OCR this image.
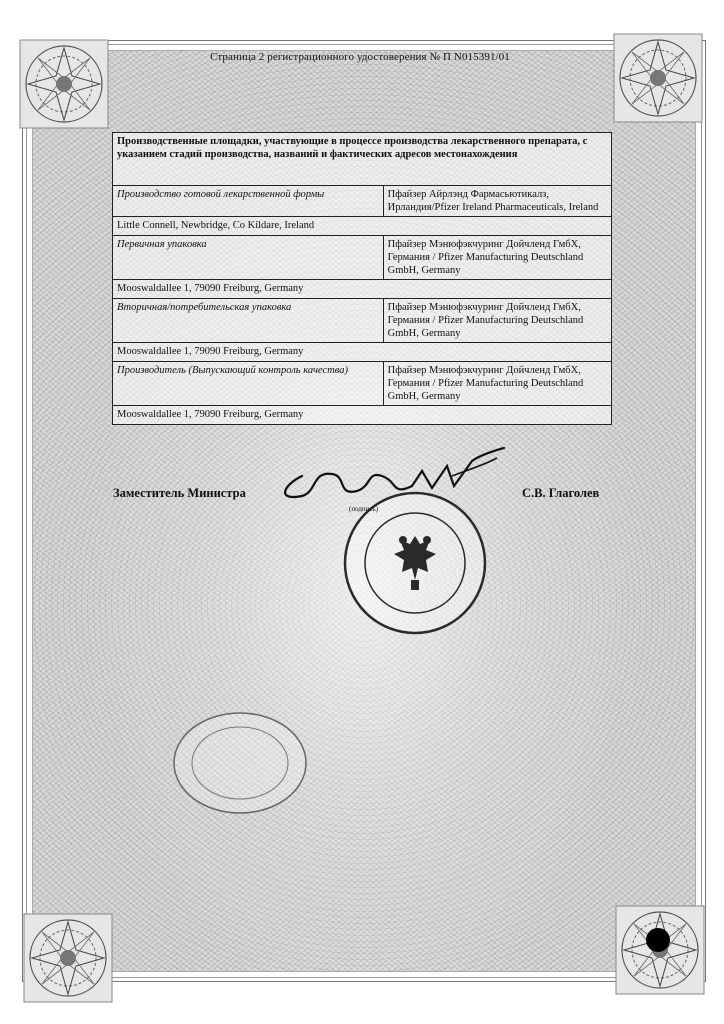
Страница 2 регистрационного удостоверения № П N015391/01
Производственные площадки, участвующие в процессе производства лекарственного препарата, с указанием стадий производства, названий и фактических адресов местонахождения	
Производство готовой лекарственной формы	Пфайзер Айрлэнд Фармасьютикалз, Ирландия/Pfizer Ireland Pharmaceuticals, Ireland
Little Connell, Newbridge, Co Kildare, Ireland	
Первичная упаковка	Пфайзер Мэнюфэкчуринг Дойчленд ГмбХ, Германия / Pfizer Manufacturing Deutschland GmbH, Germany
Mooswaldallee 1, 79090 Freiburg, Germany	
Вторичная/потребительская упаковка	Пфайзер Мэнюфэкчуринг Дойчленд ГмбХ, Германия / Pfizer Manufacturing Deutschland GmbH, Germany
Mooswaldallee 1, 79090 Freiburg, Germany	
Производитель (Выпускающий контроль качества)	Пфайзер Мэнюфэкчуринг Дойчленд ГмбХ, Германия / Pfizer Manufacturing Deutschland GmbH, Germany
Mooswaldallee 1, 79090 Freiburg, Germany	
(подпись)
Заместитель Министра	С.В. Глаголев
